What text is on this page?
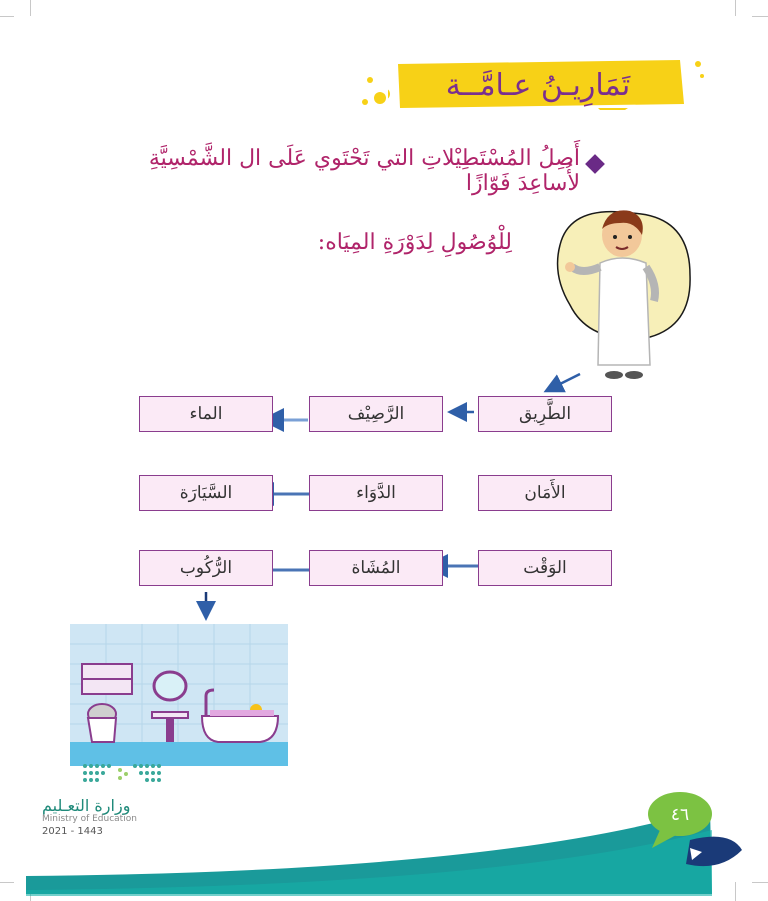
تَمَارِيـنُ عـامَّــة
أَصِلُ المُسْتَطِيْلاتِ التي تَحْتَوي عَلَى ال الشَّمْسِيَّةِ لأُساعِدَ فَوّازًا
لِلْوُصُولِ لِدَوْرَةِ المِيَاه:
الطَّرِيق
الرَّصِيْف
الماء
الأَمَان
الدَّوَاء
السَّيَارَة
الوَقْت
المُشَاة
الرُّكُوب
وزارة التعـليم
Ministry of Education
2021 - 1443
٤٦
